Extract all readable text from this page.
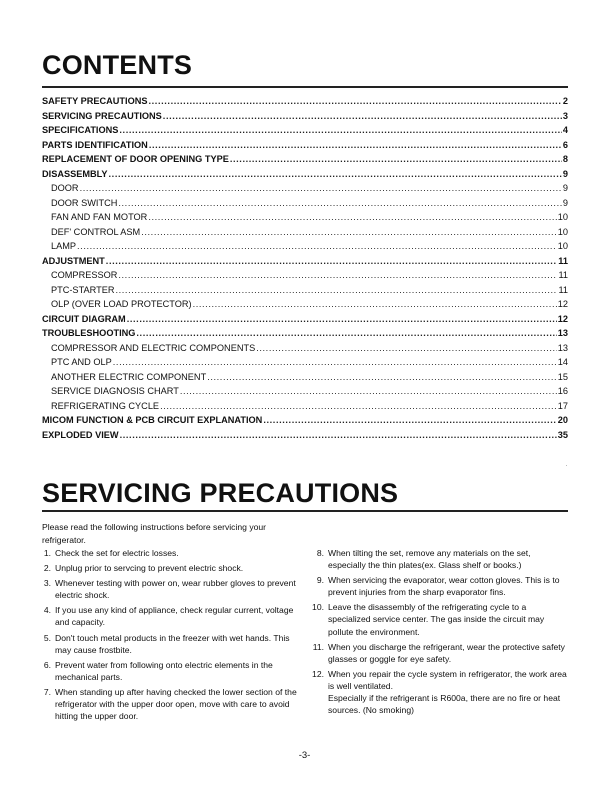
CONTENTS
SAFETY PRECAUTIONS .....	2
SERVICING PRECAUTIONS .....	3
SPECIFICATIONS .....	4
PARTS IDENTIFICATION .....	6
REPLACEMENT OF DOOR OPENING TYPE .....	8
DISASSEMBLY .....	9
DOOR .....	9
DOOR SWITCH .....	9
FAN AND FAN MOTOR .....	10
DEF' CONTROL ASM .....	10
LAMP .....	10
ADJUSTMENT .....	11
COMPRESSOR .....	11
PTC-STARTER .....	11
OLP (OVER LOAD PROTECTOR) .....	12
CIRCUIT DIAGRAM .....	12
TROUBLESHOOTING .....	13
COMPRESSOR AND ELECTRIC COMPONENTS .....	13
PTC AND OLP .....	14
ANOTHER ELECTRIC COMPONENT .....	15
SERVICE DIAGNOSIS CHART .....	16
REFRIGERATING CYCLE .....	17
MICOM FUNCTION & PCB CIRCUIT EXPLANATION .....	20
EXPLODED VIEW .....	35
SERVICING PRECAUTIONS
Please read the following instructions before servicing your refrigerator.
1. Check the set for electric losses.
2. Unplug prior to servcing to prevent electric shock.
3. Whenever testing with power on, wear rubber gloves to prevent electric shock.
4. If you use any kind of appliance, check regular current, voltage and capacity.
5. Don't touch metal products in the freezer with wet hands. This may cause frostbite.
6. Prevent water from following onto electric elements in the mechanical parts.
7. When standing up after having checked the lower section of the refrigerator with the upper door open, move with care to avoid hitting the upper door.
8. When tilting the set, remove any materials on the set, especially the thin plates(ex. Glass shelf or books.)
9. When servicing the evaporator, wear cotton gloves. This is to prevent injuries from the sharp evaporator fins.
10. Leave the disassembly of the refrigerating cycle to a specialized service center. The gas inside the circuit may pollute the environment.
11. When you discharge the refrigerant, wear the protective safety glasses or goggle for eye safety.
12. When you repair the cycle system in refrigerator, the work area is well ventilated.
Especially if the refrigerant is R600a, there are no fire or heat sources. (No smoking)
-3-
